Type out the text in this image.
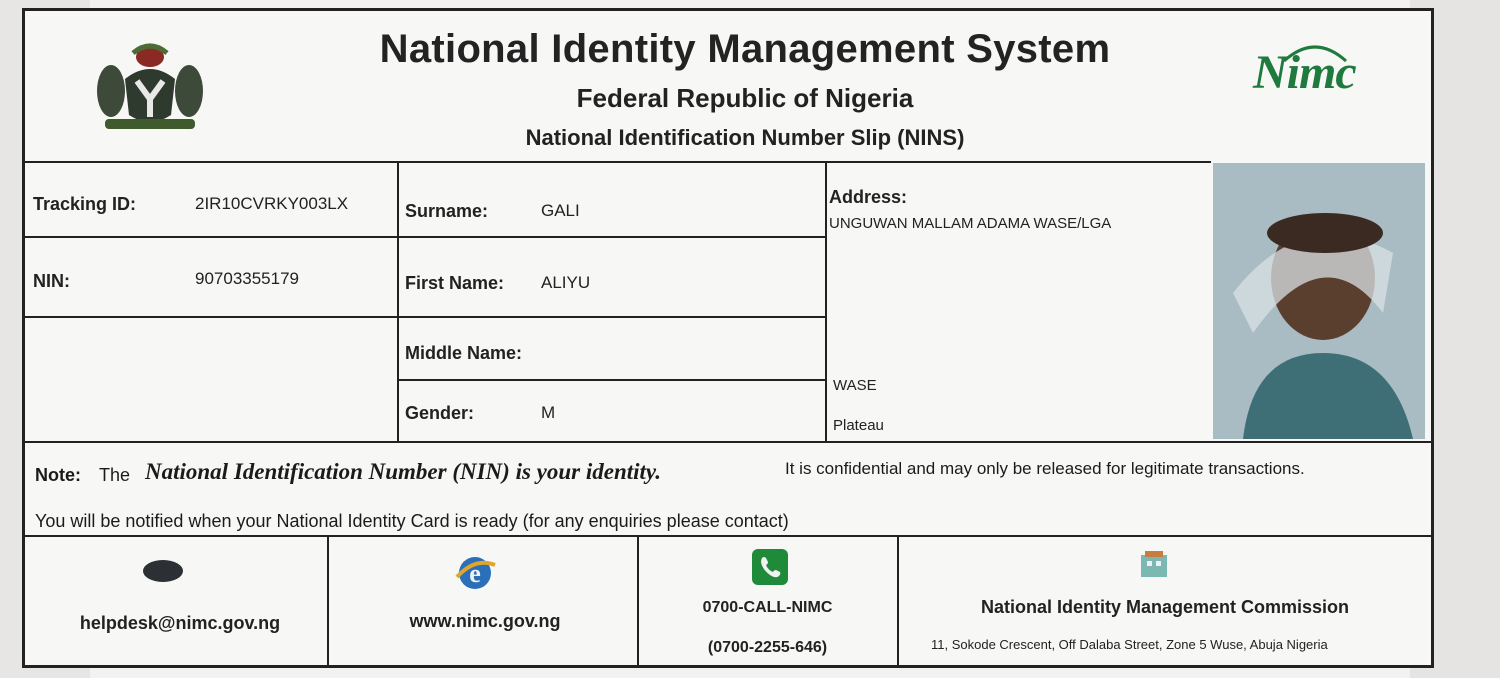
National Identity Management System
Federal Republic of Nigeria
National Identification Number Slip (NINS)
Nimc
Tracking ID:	2IR10CVRKY003LX
NIN:	90703355179
Surname:	GALI
First Name: ALIYU
Middle Name:
Gender:	M
Address:
UNGUWAN MALLAM ADAMA WASE/LGA
WASE
Plateau
Note: The National Identification Number (NIN) is your identity.	It is confidential and may only be released for legitimate transactions.
You will be notified when your National Identity Card is ready (for any enquiries please contact)
helpdesk@nimc.gov.ng
e
www.nimc.gov.ng
0700-CALL-NIMC
(0700-2255-646)
National Identity Management Commission
11, Sokode Crescent, Off Dalaba Street, Zone 5 Wuse, Abuja Nigeria
